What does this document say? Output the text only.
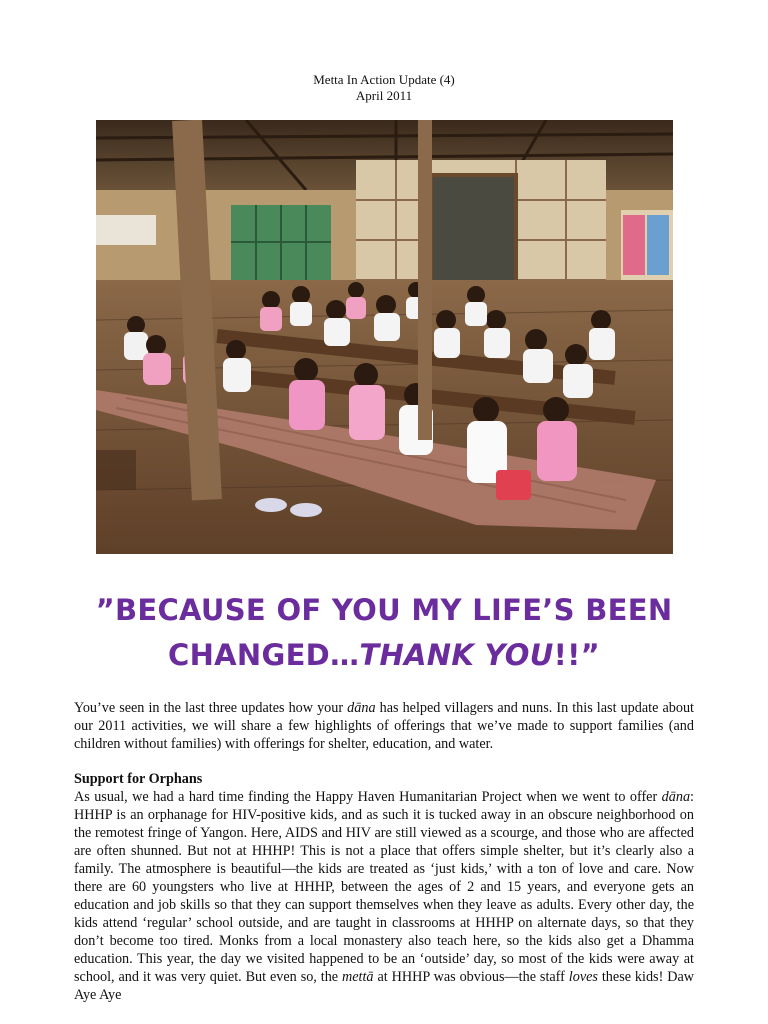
Metta In Action Update (4)
April 2011
”BECAUSE OF YOU MY LIFE’S BEEN
CHANGED…THANK YOU!!”
You’ve seen in the last three updates how your dāna has helped villagers and nuns. In this last update about our 2011 activities, we will share a few highlights of offerings that we’ve made to support families (and children without families) with offerings for shelter, education, and water.
Support for Orphans
As usual, we had a hard time finding the Happy Haven Humanitarian Project when we went to offer dāna: HHHP is an orphanage for HIV-positive kids, and as such it is tucked away in an obscure neighborhood on the remotest fringe of Yangon. Here, AIDS and HIV are still viewed as a scourge, and those who are affected are often shunned. But not at HHHP! This is not a place that offers simple shelter, but it’s clearly also a family. The atmosphere is beautiful—the kids are treated as ‘just kids,’ with a ton of love and care. Now there are 60 youngsters who live at HHHP, between the ages of 2 and 15 years, and everyone gets an education and job skills so that they can support themselves when they leave as adults. Every other day, the kids attend ‘regular’ school outside, and are taught in classrooms at HHHP on alternate days, so that they don’t become too tired. Monks from a local monastery also teach here, so the kids also get a Dhamma education. This year, the day we visited happened to be an ‘outside’ day, so most of the kids were away at school, and it was very quiet. But even so, the mettā at HHHP was obvious—the staff loves these kids! Daw Aye Aye
